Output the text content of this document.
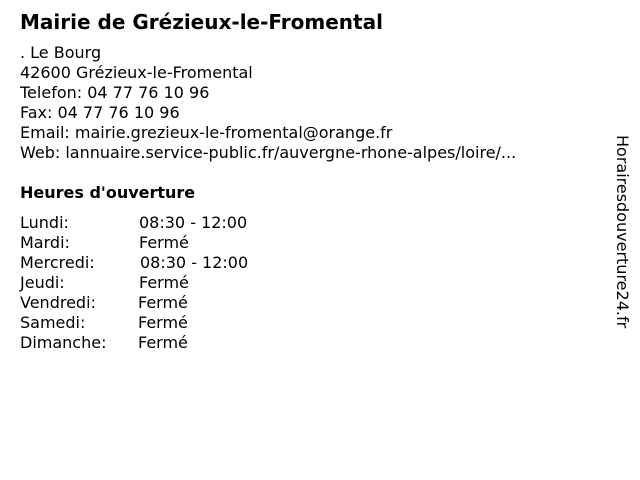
Mairie de Grézieux-le-Fromental
. Le Bourg
42600 Grézieux-le-Fromental
Telefon: 04 77 76 10 96
Fax: 04 77 76 10 96
Email: mairie.grezieux-le-fromental@orange.fr
Web: lannuaire.service-public.fr/auvergne-rhone-alpes/loire/...
Heures d'ouverture
Lundi:	08:30 - 12:00
Mardi:	Fermé
Mercredi:	08:30 - 12:00
Jeudi:	Fermé
Vendredi:	Fermé
Samedi:	Fermé
Dimanche: Fermé
Horairesdouverture24.fr
